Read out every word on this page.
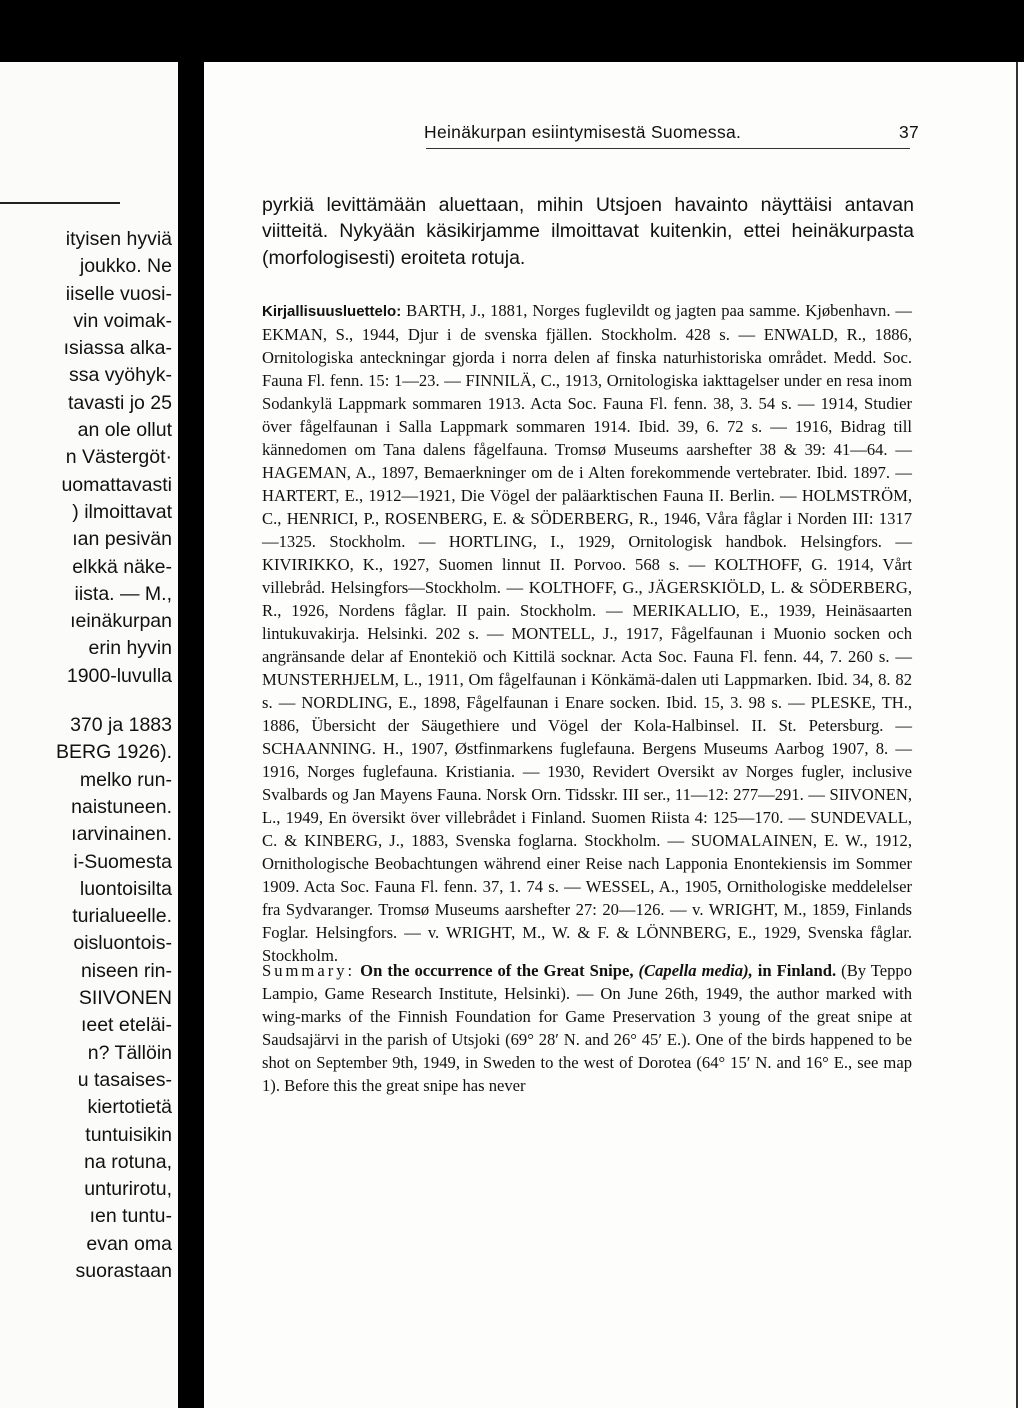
ityisen hyviä
joukko. Ne
iiselle vuosi-
vin voimak-
ısiassa alka-
ssa vyöhyk-
tavasti jo 25
an ole ollut
n Västergöt·
uomattavasti
) ilmoittavat
ıan pesivän
elkkä näke-
iista. — M.,
ıeinäkurpan
erin hyvin
1900-luvulla
370 ja 1883
BERG 1926).
melko run-
naistuneen.
ıarvinainen.
i-Suomesta
luontoisilta
turialueelle.
oisluontois-
niseen rin-
SIIVONEN
ıeet eteläi-
n? Tällöin
u tasaises-
kiertotietä
tuntuisikin
na rotuna,
unturirotu,
ıen tuntu-
evan oma
suorastaan
Heinäkurpan esiintymisestä Suomessa.	37

pyrkiä levittämään aluettaan, mihin Utsjoen havainto näyttäisi antavan viitteitä. Nykyään käsikirjamme ilmoittavat kuitenkin, ettei heinäkurpasta (morfologisesti) eroiteta rotuja.

Kirjallisuusluettelo: BARTH, J., 1881, Norges fuglevildt og jagten paa samme. Kjøbenhavn. — EKMAN, S., 1944, Djur i de svenska fjällen. Stockholm. 428 s. — ENWALD, R., 1886, Ornitologiska anteckningar gjorda i norra delen af finska naturhistoriska området. Medd. Soc. Fauna Fl. fenn. 15: 1—23. — FINNILÄ, C., 1913, Ornitologiska iakttagelser under en resa inom Sodankylä Lappmark sommaren 1913. Acta Soc. Fauna Fl. fenn. 38, 3. 54 s. — 1914, Studier över fågelfaunan i Salla Lappmark sommaren 1914. Ibid. 39, 6. 72 s. — 1916, Bidrag till kännedomen om Tana dalens fågelfauna. Tromsø Museums aarshefter 38 & 39: 41—64. — HAGEMAN, A., 1897, Bemaerkninger om de i Alten forekommende vertebrater. Ibid. 1897. — HARTERT, E., 1912—1921, Die Vögel der paläarktischen Fauna II. Berlin. — HOLMSTRÖM, C., HENRICI, P., ROSENBERG, E. & SÖDERBERG, R., 1946, Våra fåglar i Norden III: 1317—1325. Stockholm. — HORTLING, I., 1929, Ornitologisk handbok. Helsingfors. — KIVIRIKKO, K., 1927, Suomen linnut II. Porvoo. 568 s. — KOLTHOFF, G. 1914, Vårt villebråd. Helsingfors—Stockholm. — KOLTHOFF, G., JÄGERSKIÖLD, L. & SÖDERBERG, R., 1926, Nordens fåglar. II pain. Stockholm. — MERIKALLIO, E., 1939, Heinäsaarten lintukuvakirja. Helsinki. 202 s. — MONTELL, J., 1917, Fågelfaunan i Muonio socken och angränsande delar af Enontekiö och Kittilä socknar. Acta Soc. Fauna Fl. fenn. 44, 7. 260 s. — MUNSTERHJELM, L., 1911, Om fågelfaunan i Könkämä-dalen uti Lappmarken. Ibid. 34, 8. 82 s. — NORDLING, E., 1898, Fågelfaunan i Enare socken. Ibid. 15, 3. 98 s. — PLESKE, TH., 1886, Übersicht der Säugethiere und Vögel der Kola-Halbinsel. II. St. Petersburg. — SCHAANNING. H., 1907, Østfinmarkens fuglefauna. Bergens Museums Aarbog 1907, 8. — 1916, Norges fuglefauna. Kristiania. — 1930, Revidert Oversikt av Norges fugler, inclusive Svalbards og Jan Mayens Fauna. Norsk Orn. Tidsskr. III ser., 11—12: 277—291. — SIIVONEN, L., 1949, En översikt över villebrådet i Finland. Suomen Riista 4: 125—170. — SUNDEVALL, C. & KINBERG, J., 1883, Svenska foglarna. Stockholm. — SUOMALAINEN, E. W., 1912, Ornithologische Beobachtungen während einer Reise nach Lapponia Enontekiensis im Sommer 1909. Acta Soc. Fauna Fl. fenn. 37, 1. 74 s. — WESSEL, A., 1905, Ornithologiske meddelelser fra Sydvaranger. Tromsø Museums aarshefter 27: 20—126. — v. WRIGHT, M., 1859, Finlands Foglar. Helsingfors. — v. WRIGHT, M., W. & F. & LÖNNBERG, E., 1929, Svenska fåglar. Stockholm.

Summary: On the occurrence of the Great Snipe, (Capella media), in Finland. (By Teppo Lampio, Game Research Institute, Helsinki). — On June 26th, 1949, the author marked with wing-marks of the Finnish Foundation for Game Preservation 3 young of the great snipe at Saudsajärvi in the parish of Utsjoki (69° 28′ N. and 26° 45′ E.). One of the birds happened to be shot on September 9th, 1949, in Sweden to the west of Dorotea (64° 15′ N. and 16° E., see map 1). Before this the great snipe has never
